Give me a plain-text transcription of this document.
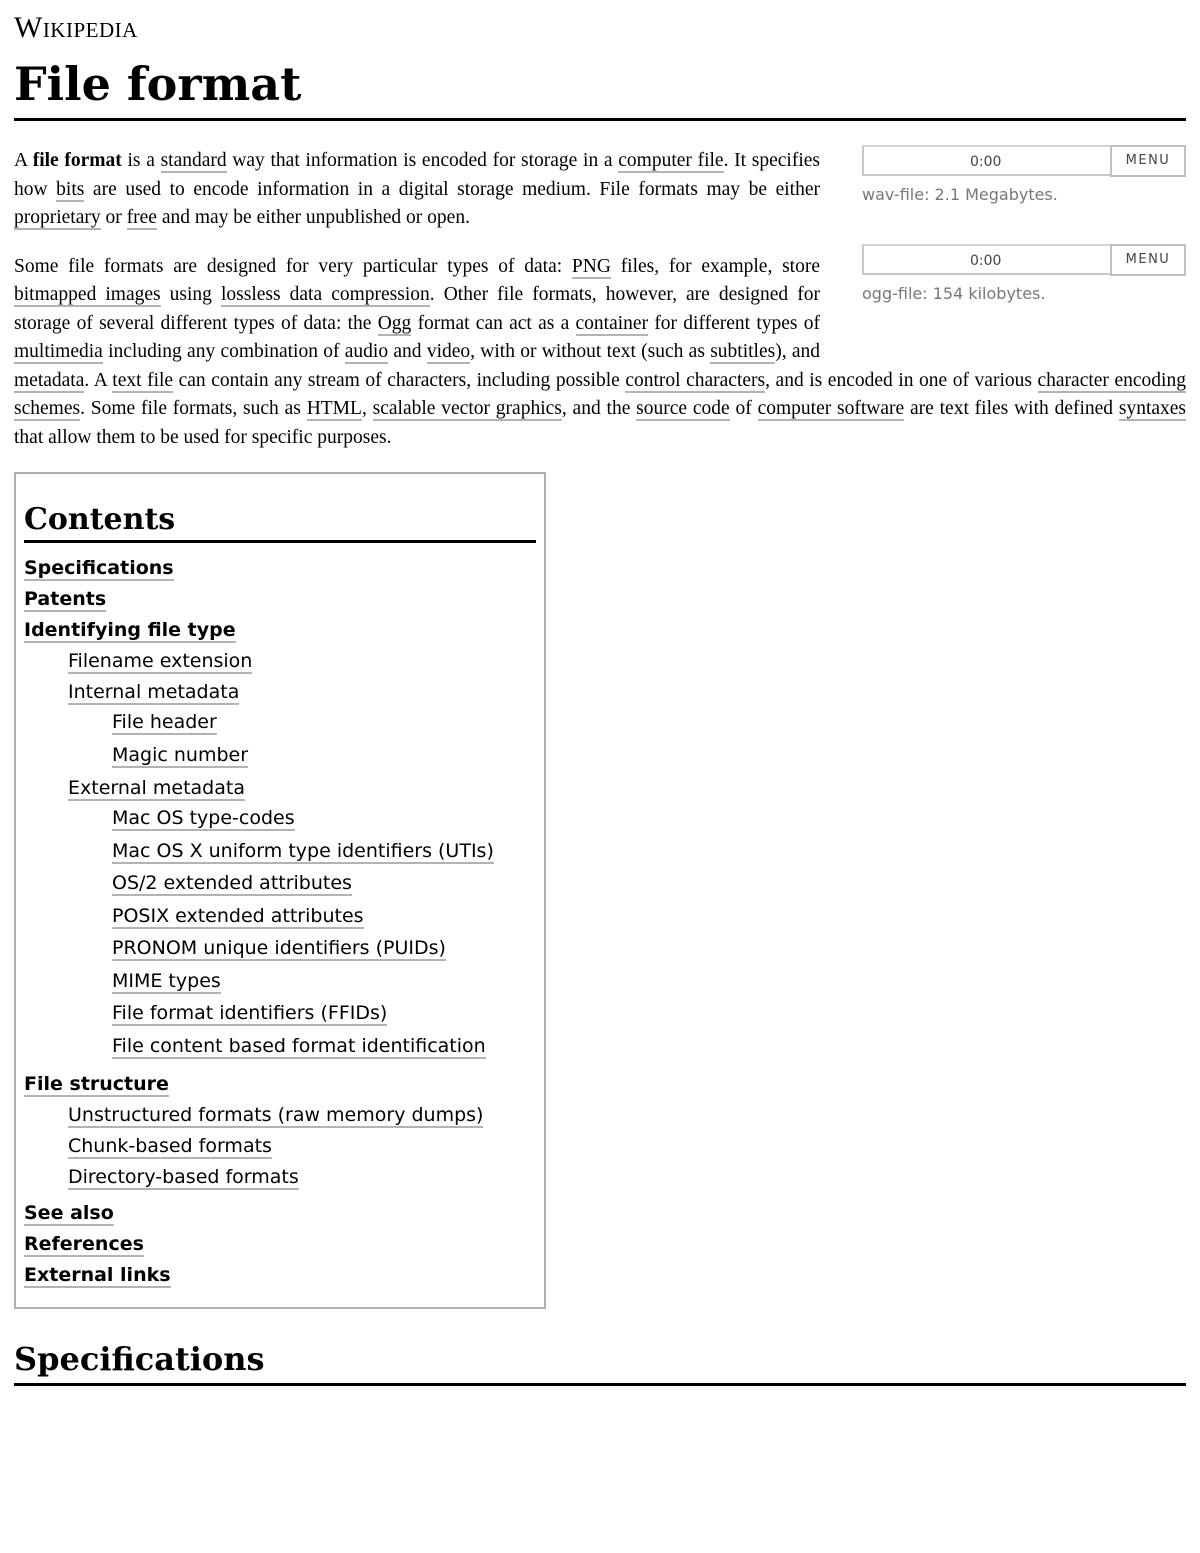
Wikipedia
File format
0:00	MENU
wav-file: 2.1 Megabytes.
0:00	MENU
ogg-file: 154 kilobytes.

A file format is a standard way that information is encoded for storage in a computer file. It specifies how bits are used to encode information in a digital storage medium. File formats may be either proprietary or free and may be either unpublished or open.

Some file formats are designed for very particular types of data: PNG files, for example, store bitmapped images using lossless data compression. Other file formats, however, are designed for storage of several different types of data: the Ogg format can act as a container for different types of multimedia including any combination of audio and video, with or without text (such as subtitles), and metadata. A text file can contain any stream of characters, including possible control characters, and is encoded in one of various character encoding schemes. Some file formats, such as HTML, scalable vector graphics, and the source code of computer software are text files with defined syntaxes that allow them to be used for specific purposes.

Contents
Specifications
Patents
Identifying file type
Filename extension
Internal metadata
File header
Magic number
External metadata
Mac OS type-codes
Mac OS X uniform type identifiers (UTIs)
OS/2 extended attributes
POSIX extended attributes
PRONOM unique identifiers (PUIDs)
MIME types
File format identifiers (FFIDs)
File content based format identification
File structure
Unstructured formats (raw memory dumps)
Chunk-based formats
Directory-based formats
See also
References
External links
Specifications
